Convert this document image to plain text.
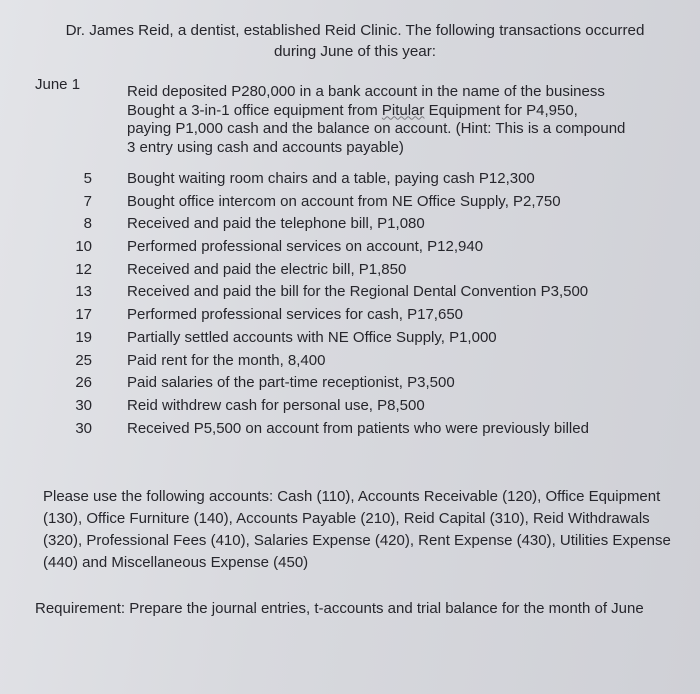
Dr. James Reid, a dentist, established Reid Clinic. The following transactions occurred during June of this year:
June 1	Reid deposited P280,000 in a bank account in the name of the business

Bought a 3-in-1 office equipment from Pitular Equipment for P4,950,

paying P1,000 cash and the balance on account. (Hint: This is a compound

3 entry using cash and accounts payable)

5
7
8
10
12
13
17
19
25
26
30
30
Bought waiting room chairs and a table, paying cash P12,300
Bought office intercom on account from NE Office Supply, P2,750
Received and paid the telephone bill, P1,080
Performed professional services on account, P12,940
Received and paid the electric bill, P1,850
Received and paid the bill for the Regional Dental Convention P3,500
Performed professional services for cash, P17,650
Partially settled accounts with NE Office Supply, P1,000
Paid rent for the month, 8,400
Paid salaries of the part-time receptionist, P3,500
Reid withdrew cash for personal use, P8,500
Received P5,500 on account from patients who were previously billed
Please use the following accounts: Cash (110), Accounts Receivable (120), Office Equipment (130), Office Furniture (140), Accounts Payable (210), Reid Capital (310), Reid Withdrawals (320), Professional Fees (410), Salaries Expense (420), Rent Expense (430), Utilities Expense (440) and Miscellaneous Expense (450)
Requirement: Prepare the journal entries, t-accounts and trial balance for the month of June
